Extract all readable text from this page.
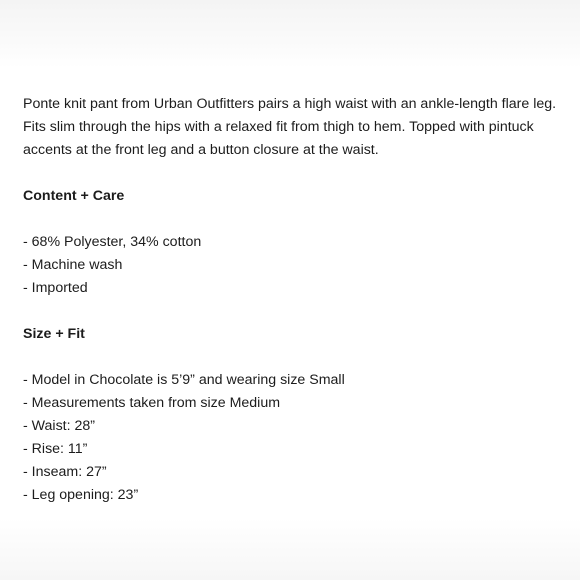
Ponte knit pant from Urban Outfitters pairs a high waist with an ankle-length flare leg. Fits slim through the hips with a relaxed fit from thigh to hem. Topped with pintuck accents at the front leg and a button closure at the waist.

Content + Care
- 68% Polyester, 34% cotton
- Machine wash
- Imported
Size + Fit
- Model in Chocolate is 5’9” and wearing size Small
- Measurements taken from size Medium
- Waist: 28”
- Rise: 11”
- Inseam: 27”
- Leg opening: 23”
